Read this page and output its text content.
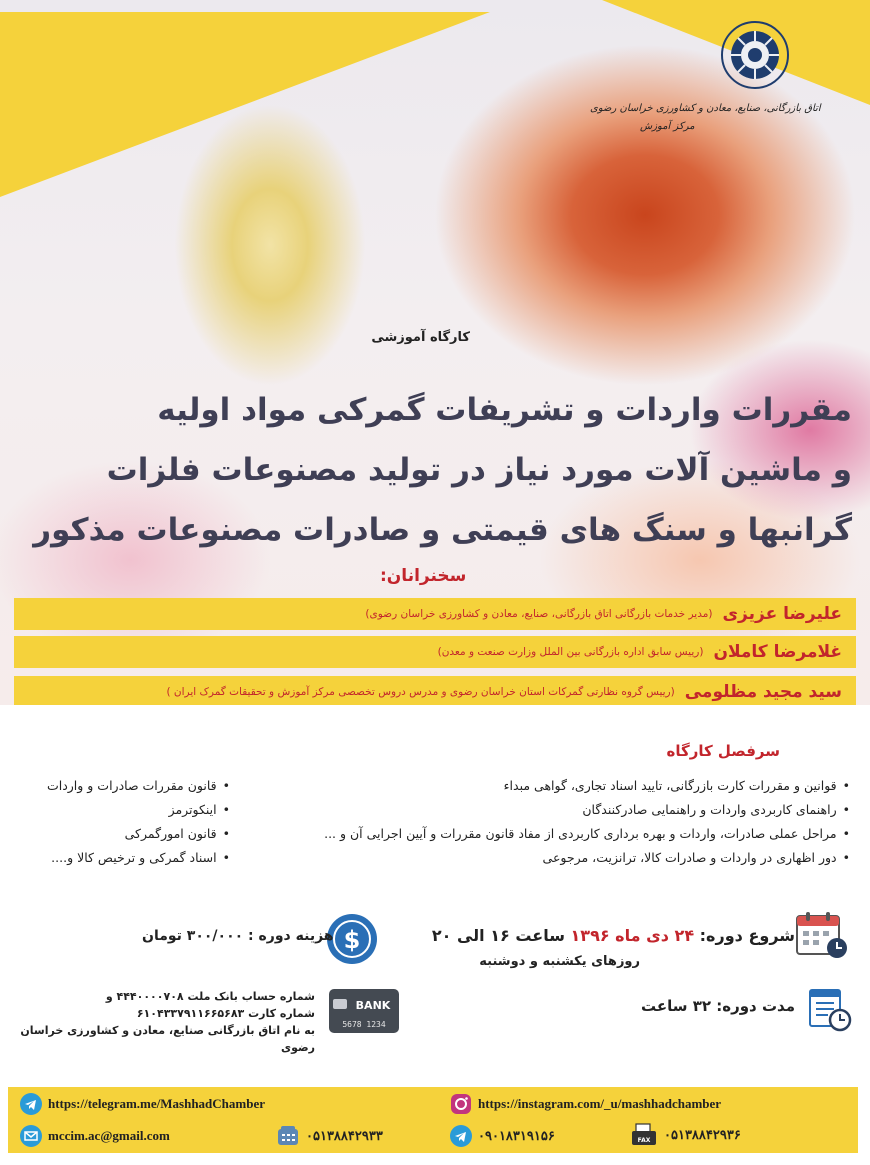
اتاق بازرگانی، صنایع، معادن و کشاورزی خراسان رضوی
مرکز آموزش
کارگاه آموزشی
مقررات واردات و تشریفات گمرکی مواد اولیه
و ماشین آلات مورد نیاز در تولید مصنوعات فلزات
گرانبها و سنگ های قیمتی و صادرات مصنوعات مذکور
سخنرانان:
علیرضا عزیزی
(مدیر خدمات بازرگانی اتاق بازرگانی، صنایع، معادن و کشاورزی خراسان رضوی)
غلامرضا کاملان
(رییس سابق اداره بازرگانی بین الملل وزارت صنعت و معدن)
سید مجید مظلومی
(رییس گروه نظارتی گمرکات استان خراسان رضوی و مدرس دروس تخصصی مرکز آموزش و تحقیقات گمرک ایران )
سرفصل کارگاه
• قوانین و مقررات کارت بازرگانی، تایید اسناد تجاری، گواهی مبداء
• راهنمای کاربردی واردات و راهنمایی صادرکنندگان
• مراحل عملی صادرات، واردات و بهره برداری کاربردی از مفاد قانون مقررات و آیین اجرایی آن و ...
• دور اظهاری در واردات و صادرات کالا، ترانزیت، مرجوعی
• قانون مقررات صادرات و واردات
• اینکوترمز
• قانون امورگمرکی
• اسناد گمرکی و ترخیص کالا و....
شروع دوره: ۲۴ دی ماه ۱۳۹۶ ساعت ۱۶ الی ۲۰
روزهای یکشنبه و دوشنبه
مدت دوره: ۳۲ ساعت
$
هزینه دوره : ۳۰۰/۰۰۰ تومان
BANK
1234 5678
شماره حساب بانک ملت ۴۴۴۰۰۰۰۷۰۸ و
شماره کارت ۶۱۰۴۳۳۷۹۱۱۶۶۵۶۸۳
به نام اتاق بازرگانی صنایع، معادن و کشاورزی خراسان رضوی
https://telegram.me/MashhadChamber	https://instagram.com/_u/mashhadchamber
mccim.ac@gmail.com	۰۵۱۳۸۸۴۲۹۳۳	۰۹۰۱۸۳۱۹۱۵۶	FAX ۰۵۱۳۸۸۴۲۹۳۶
